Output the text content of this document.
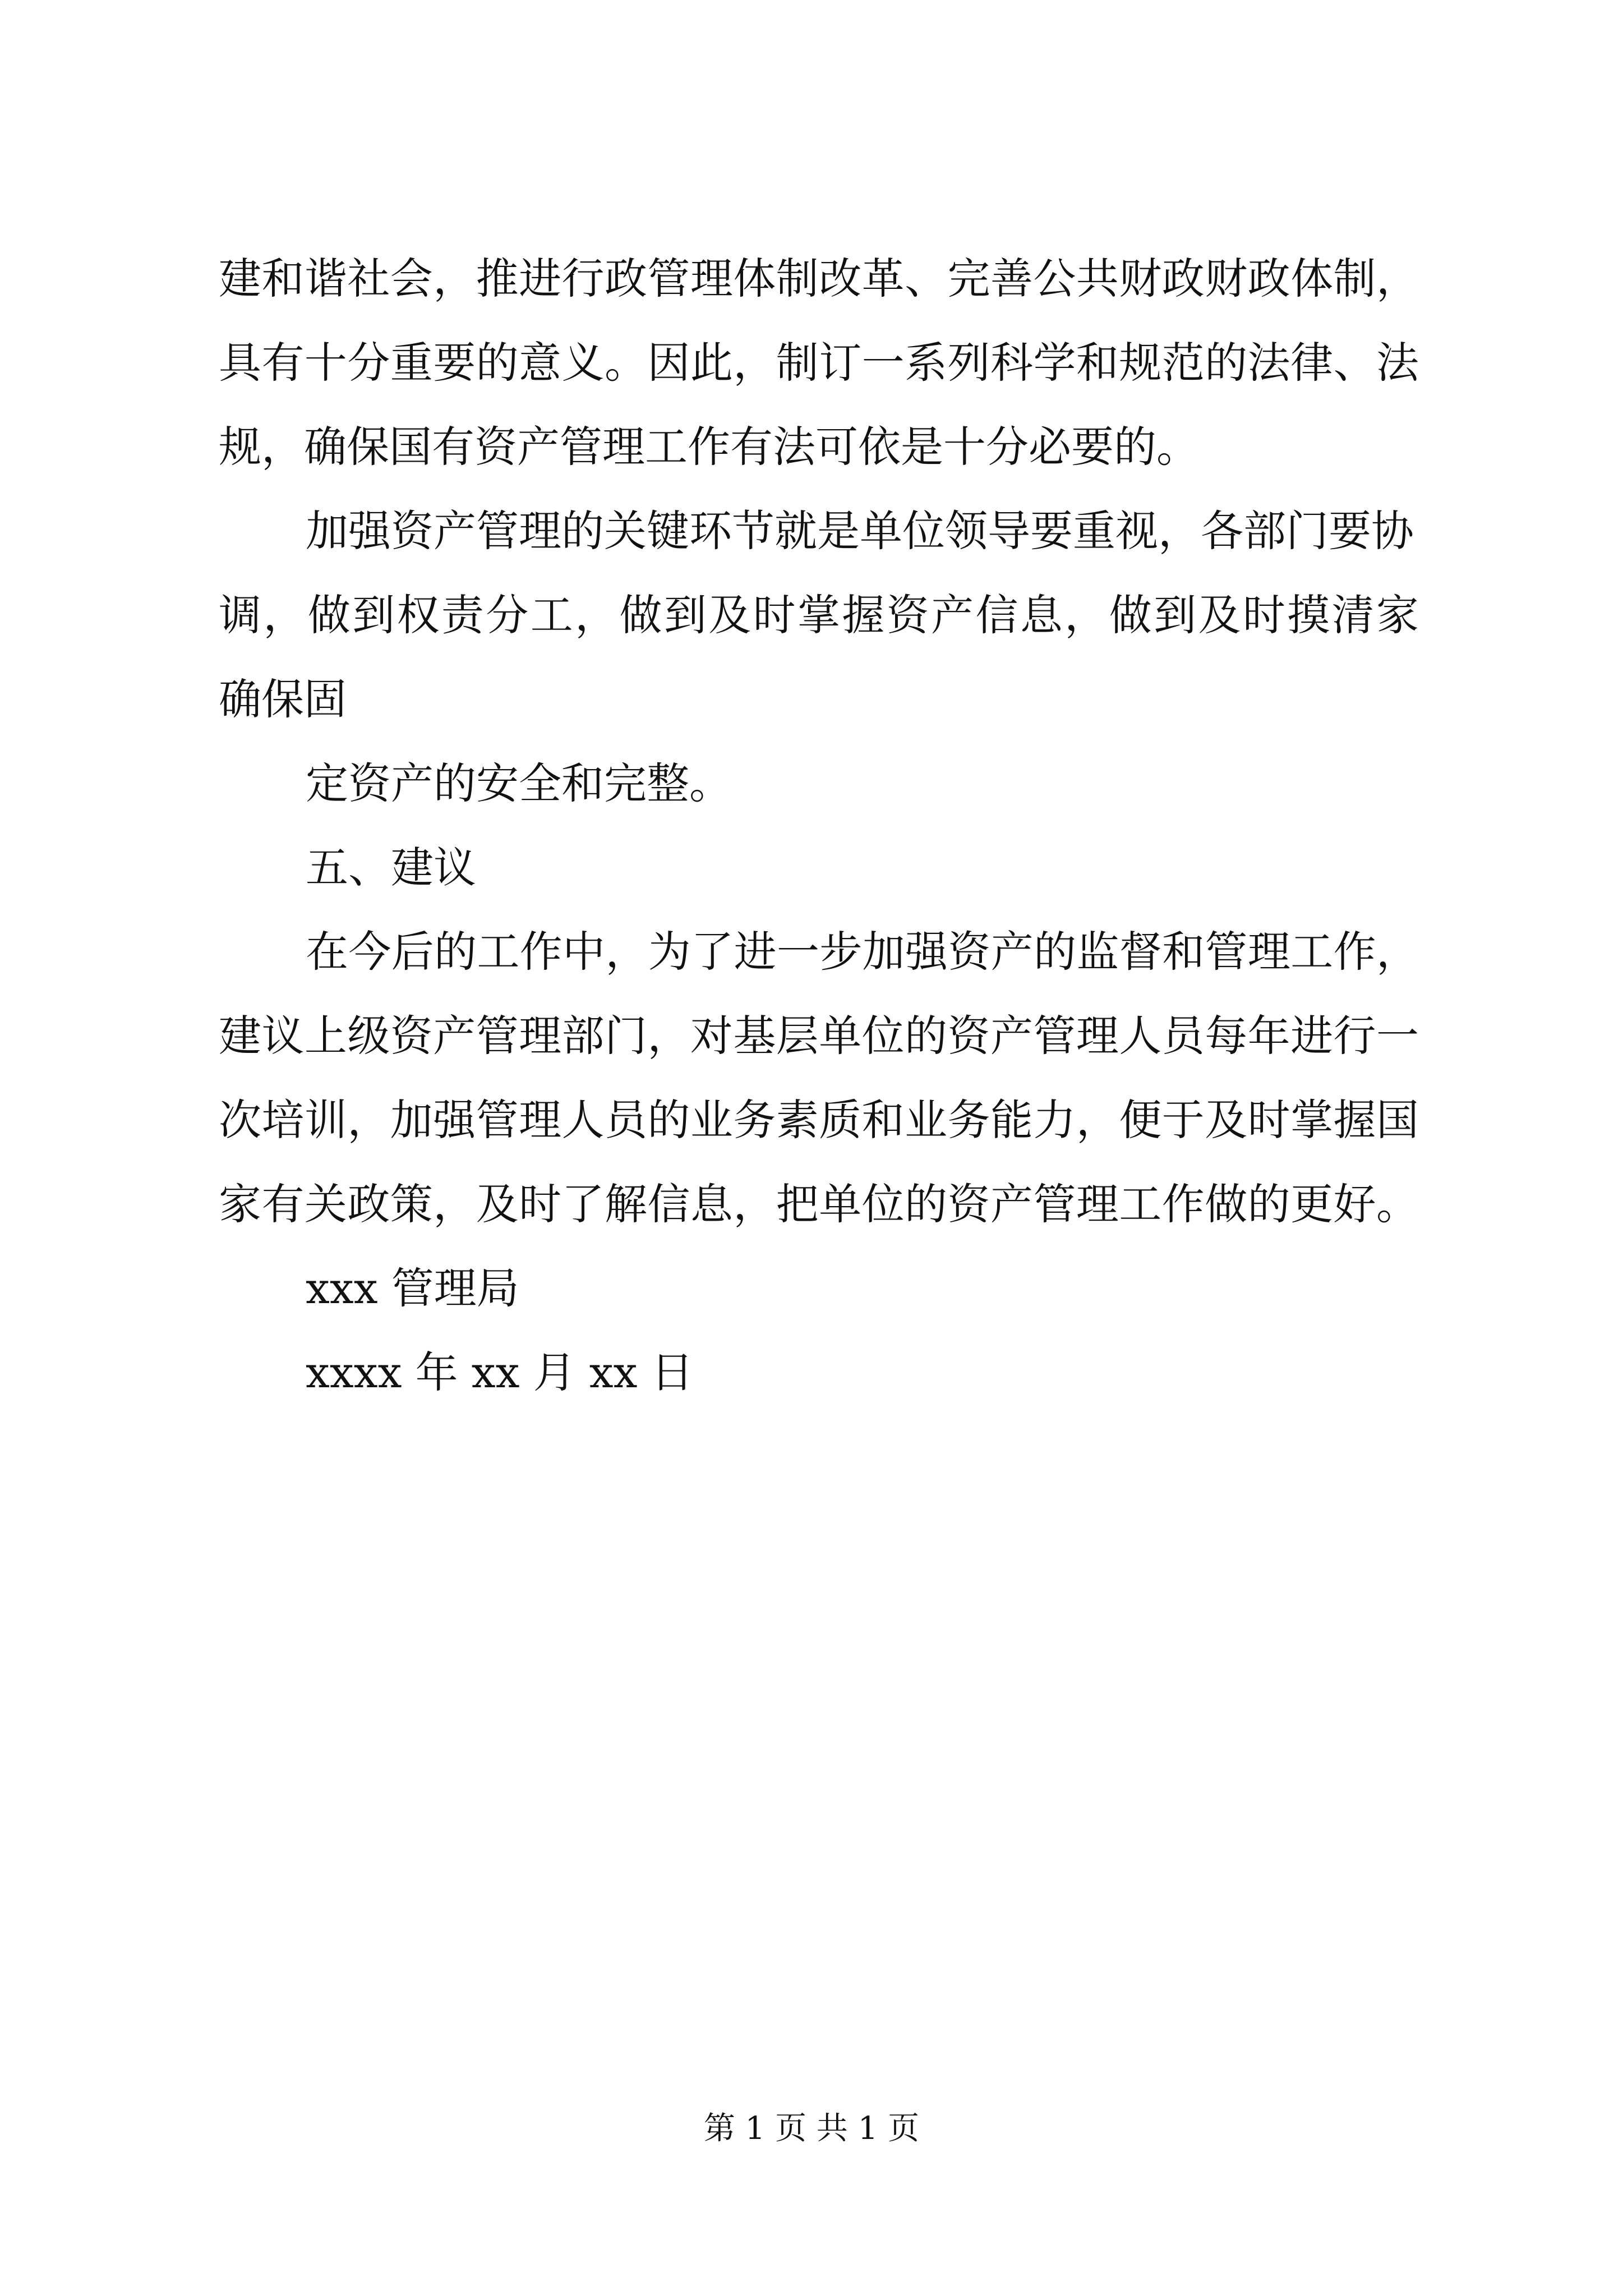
建和谐社会，推进行政管理体制改革、完善公共财政财政体制，
具有十分重要的意义。因此，制订一系列科学和规范的法律、法
规，确保国有资产管理工作有法可依是十分必要的。
加强资产管理的关键环节就是单位领导要重视，各部门要协
调，做到权责分工，做到及时掌握资产信息，做到及时摸清家
确保固
定资产的安全和完整。
五、建议
在今后的工作中，为了进一步加强资产的监督和管理工作，
建议上级资产管理部门，对基层单位的资产管理人员每年进行一
次培训，加强管理人员的业务素质和业务能力，便于及时掌握国
家有关政策，及时了解信息，把单位的资产管理工作做的更好。
xxx 管理局
xxxx 年 xx 月 xx 日
第 1 页 共 1 页
